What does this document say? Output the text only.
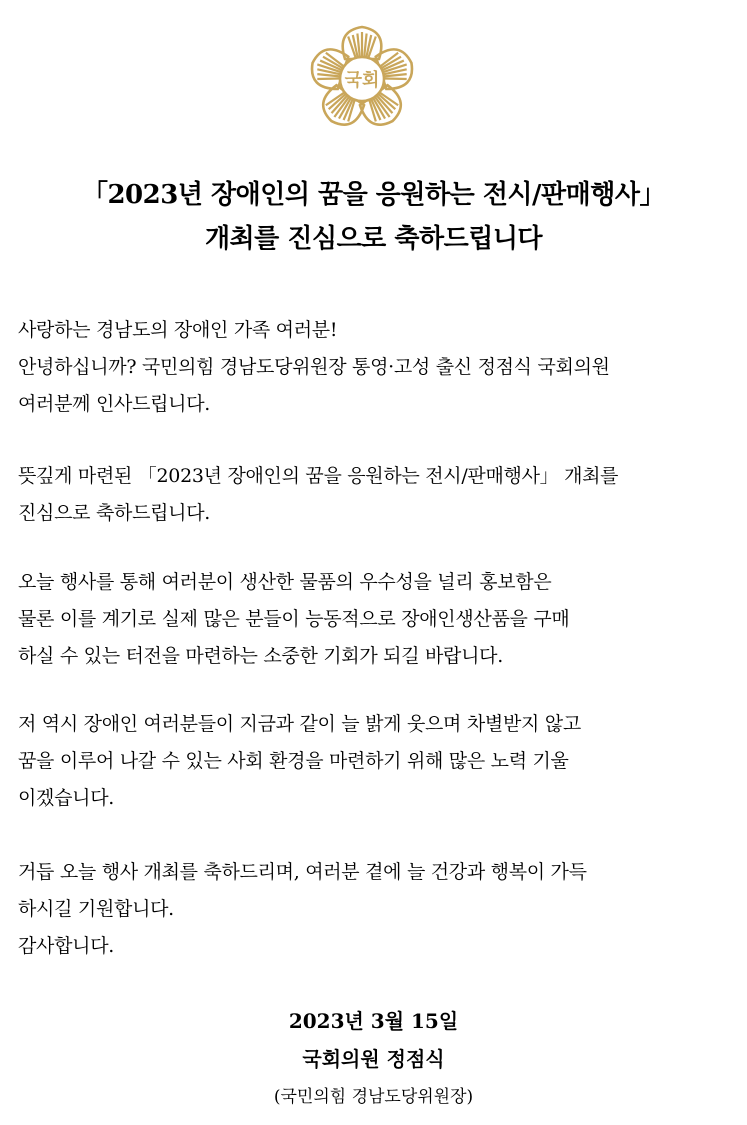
국회
「2023년 장애인의 꿈을 응원하는 전시/판매행사」
개최를 진심으로 축하드립니다
사랑하는 경남도의 장애인 가족 여러분!
안녕하십니까? 국민의힘 경남도당위원장 통영·고성 출신 정점식 국회의원
여러분께 인사드립니다.
뜻깊게 마련된 「2023년 장애인의 꿈을 응원하는 전시/판매행사」 개최를
진심으로 축하드립니다.
오늘 행사를 통해 여러분이 생산한 물품의 우수성을 널리 홍보함은
물론 이를 계기로 실제 많은 분들이 능동적으로 장애인생산품을 구매
하실 수 있는 터전을 마련하는 소중한 기회가 되길 바랍니다.
저 역시 장애인 여러분들이 지금과 같이 늘 밝게 웃으며 차별받지 않고
꿈을 이루어 나갈 수 있는 사회 환경을 마련하기 위해 많은 노력 기울
이겠습니다.
거듭 오늘 행사 개최를 축하드리며, 여러분 곁에 늘 건강과 행복이 가득
하시길 기원합니다.
감사합니다.
2023년 3월 15일
국회의원 정점식
(국민의힘 경남도당위원장)
